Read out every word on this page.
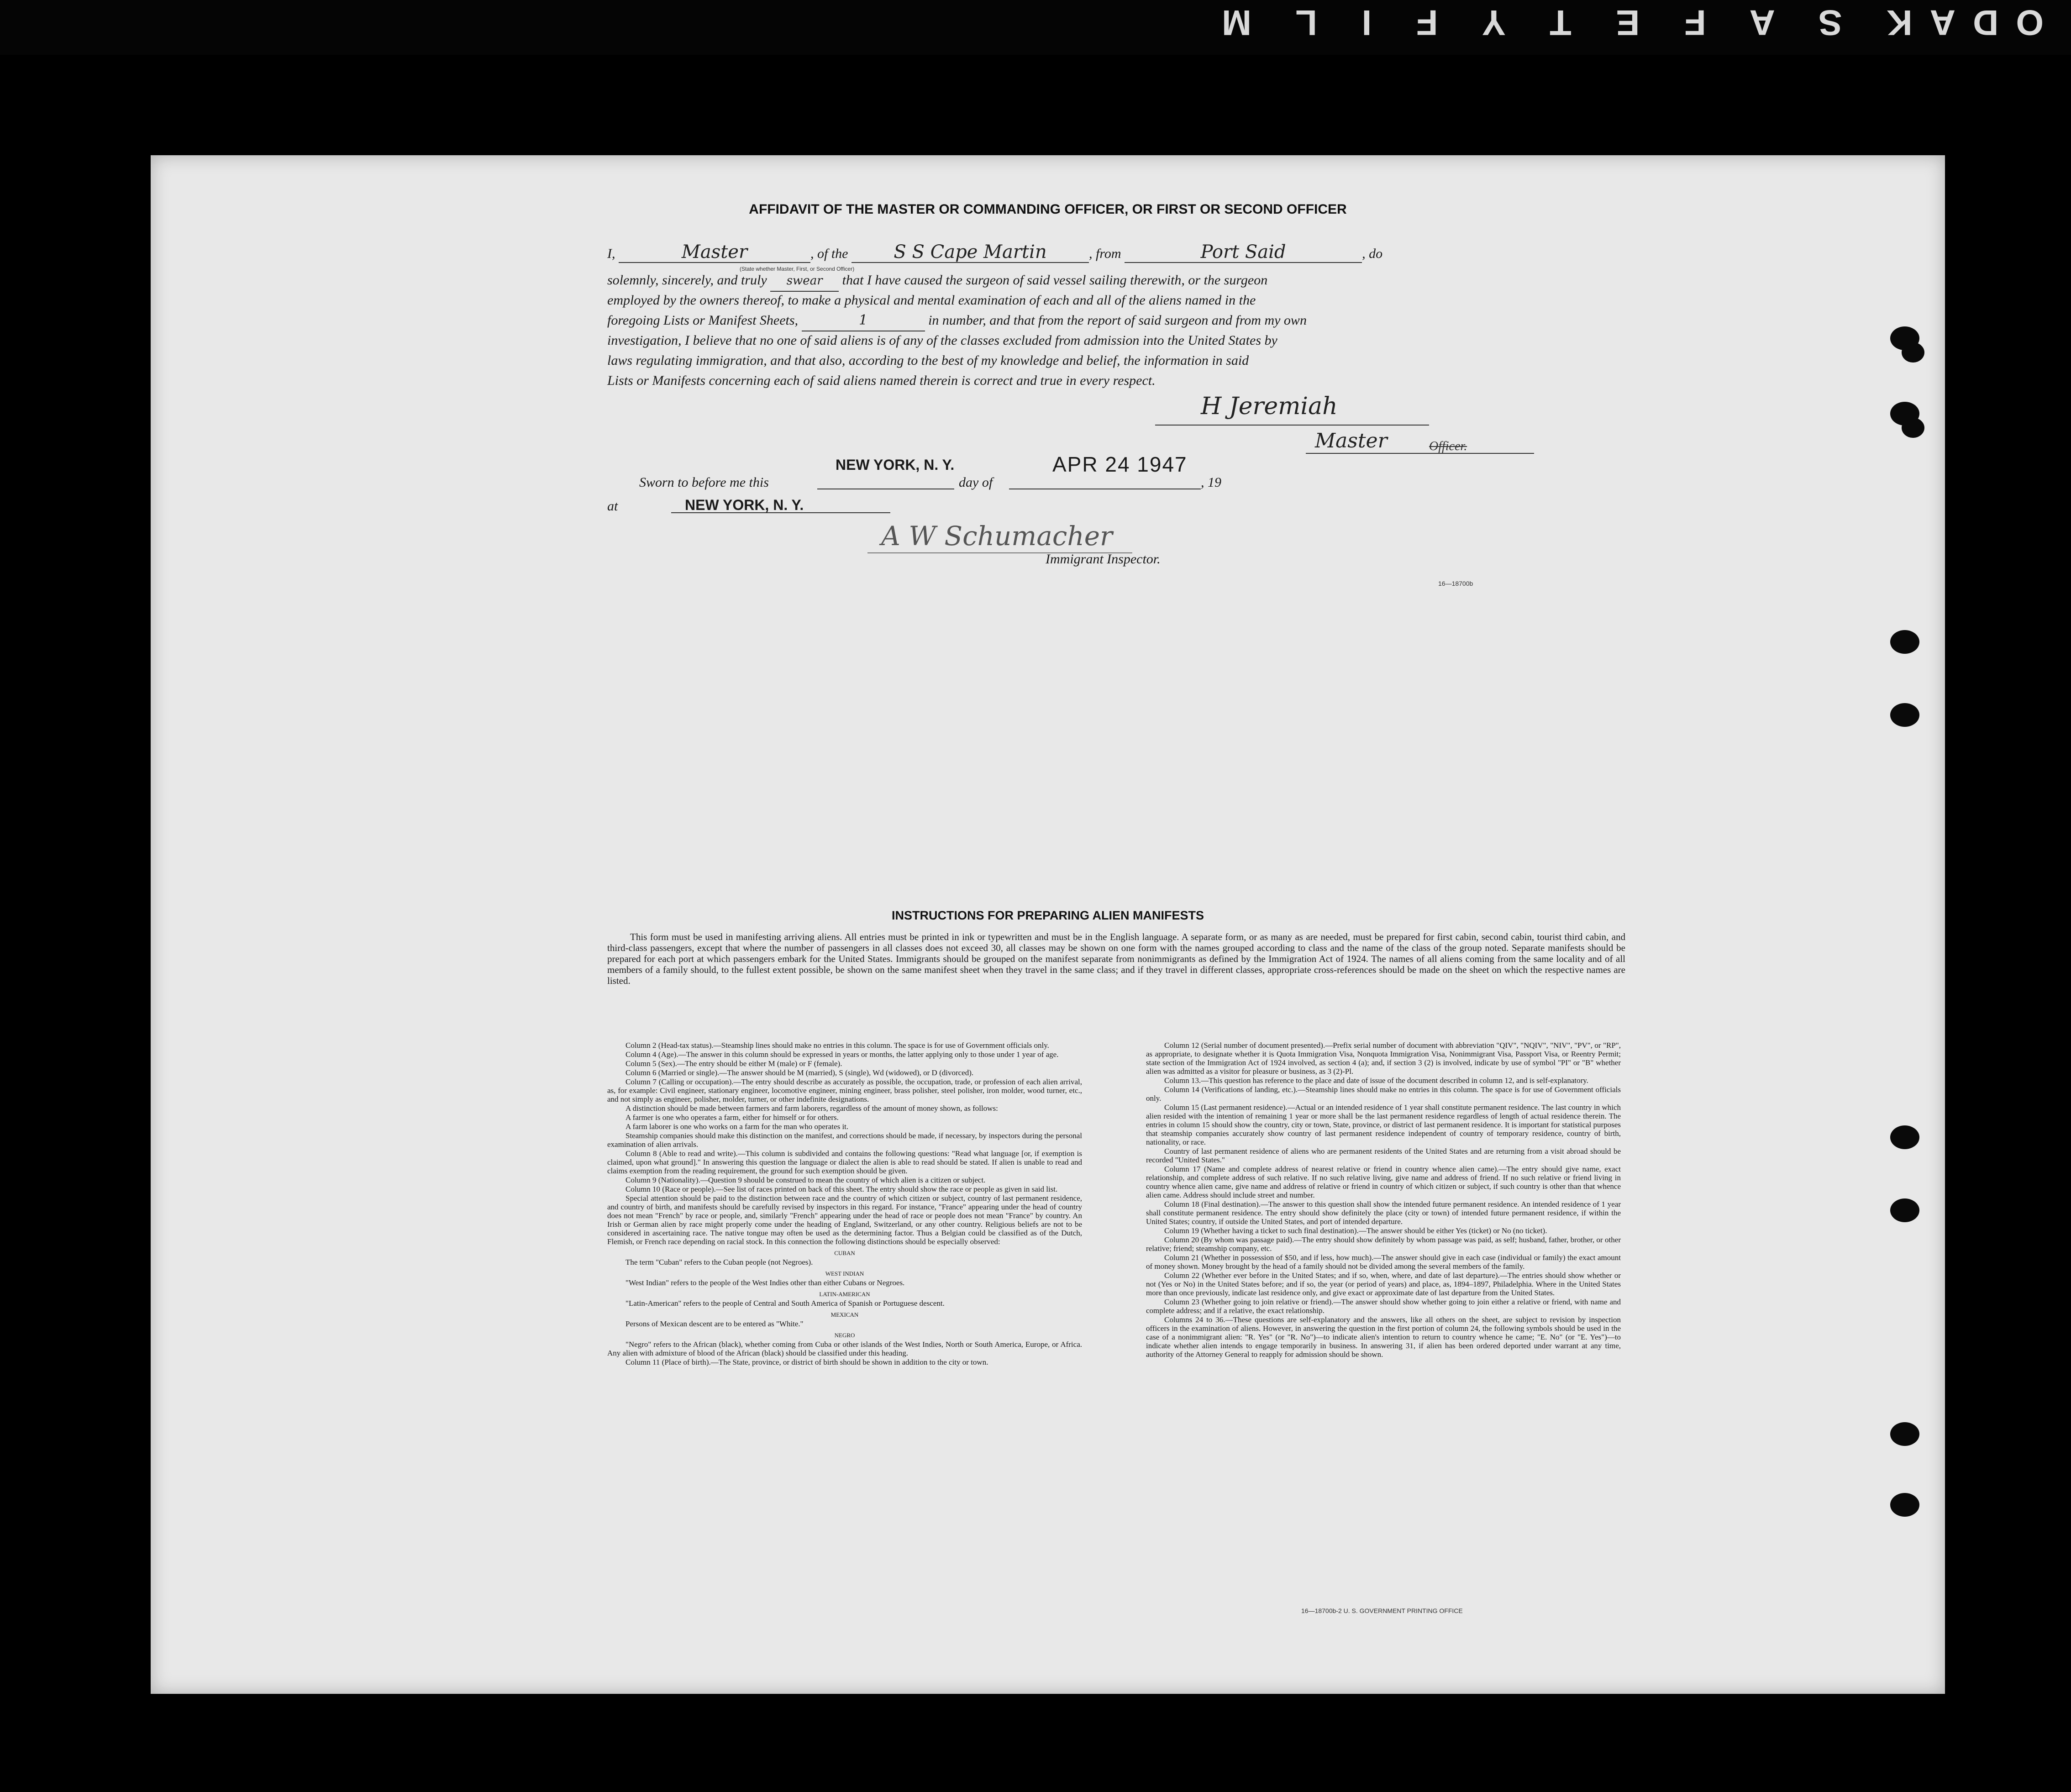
ODAK S A F E T Y F I L M
AFFIDAVIT OF THE MASTER OR COMMANDING OFFICER, OR FIRST OR SECOND OFFICER
I,	Master	, of the S S Cape Martin	, from	Port Said	, do
(State whether Master, First, or Second Officer)
solemnly, sincerely, and truly swear that I have caused the surgeon of said vessel sailing therewith, or the surgeon
employed by the owners thereof, to make a physical and mental examination of each and all of the aliens named in the
foregoing Lists or Manifest Sheets,	1	in number, and that from the report of said surgeon and from my own
investigation, I believe that no one of said aliens is of any of the classes excluded from admission into the United States by
laws regulating immigration, and that also, according to the best of my knowledge and belief, the information in said
Lists or Manifests concerning each of said aliens named therein is correct and true in every respect.
H Jeremiah
Master	Officer.
Sworn to before me this
NEW YORK, N. Y.
day of
APR 24 1947
, 19
at	NEW YORK, N. Y.
A W Schumacher
Immigrant Inspector.
16—18700b
INSTRUCTIONS FOR PREPARING ALIEN MANIFESTS
This form must be used in manifesting arriving aliens. All entries must be printed in ink or typewritten and must be in the English language. A separate form, or as many as are needed, must be prepared for first cabin, second cabin, tourist third cabin, and third-class passengers, except that where the number of passengers in all classes does not exceed 30, all classes may be shown on one form with the names grouped according to class and the name of the class of the group noted. Separate manifests should be prepared for each port at which passengers embark for the United States. Immigrants should be grouped on the manifest separate from nonimmigrants as defined by the Immigration Act of 1924. The names of all aliens coming from the same locality and of all members of a family should, to the fullest extent possible, be shown on the same manifest sheet when they travel in the same class; and if they travel in different classes, appropriate cross-references should be made on the sheet on which the respective names are listed.

Column 2 (Head-tax status).—Steamship lines should make no entries in this column. The space is for use of Government officials only.

Column 4 (Age).—The answer in this column should be expressed in years or months, the latter applying only to those under 1 year of age.

Column 5 (Sex).—The entry should be either M (male) or F (female).

Column 6 (Married or single).—The answer should be M (married), S (single), Wd (widowed), or D (divorced).

Column 7 (Calling or occupation).—The entry should describe as accurately as possible, the occupation, trade, or profession of each alien arrival, as, for example: Civil engineer, stationary engineer, locomotive engineer, mining engineer, brass polisher, steel polisher, iron molder, wood turner, etc., and not simply as engineer, polisher, molder, turner, or other indefinite designations.

A distinction should be made between farmers and farm laborers, regardless of the amount of money shown, as follows:

A farmer is one who operates a farm, either for himself or for others.

A farm laborer is one who works on a farm for the man who operates it.

Steamship companies should make this distinction on the manifest, and corrections should be made, if necessary, by inspectors during the personal examination of alien arrivals.

Column 8 (Able to read and write).—This column is subdivided and contains the following questions: "Read what language [or, if exemption is claimed, upon what ground]." In answering this question the language or dialect the alien is able to read should be stated. If alien is unable to read and claims exemption from the reading requirement, the ground for such exemption should be given.

Column 9 (Nationality).—Question 9 should be construed to mean the country of which alien is a citizen or subject.

Column 10 (Race or people).—See list of races printed on back of this sheet. The entry should show the race or people as given in said list.

Special attention should be paid to the distinction between race and the country of which citizen or subject, country of last permanent residence, and country of birth, and manifests should be carefully revised by inspectors in this regard. For instance, "France" appearing under the head of country does not mean "French" by race or people, and, similarly "French" appearing under the head of race or people does not mean "France" by country. An Irish or German alien by race might properly come under the heading of England, Switzerland, or any other country. Religious beliefs are not to be considered in ascertaining race. The native tongue may often be used as the determining factor. Thus a Belgian could be classified as of the Dutch, Flemish, or French race depending on racial stock. In this connection the following distinctions should be especially observed:

CUBAN

The term "Cuban" refers to the Cuban people (not Negroes).

WEST INDIAN

"West Indian" refers to the people of the West Indies other than either Cubans or Negroes.

LATIN-AMERICAN

"Latin-American" refers to the people of Central and South America of Spanish or Portuguese descent.

MEXICAN

Persons of Mexican descent are to be entered as "White."

NEGRO

"Negro" refers to the African (black), whether coming from Cuba or other islands of the West Indies, North or South America, Europe, or Africa. Any alien with admixture of blood of the African (black) should be classified under this heading.

Column 11 (Place of birth).—The State, province, or district of birth should be shown in addition to the city or town.

Column 12 (Serial number of document presented).—Prefix serial number of document with abbreviation "QIV", "NQIV", "NIV", "PV", or "RP", as appropriate, to designate whether it is Quota Immigration Visa, Nonquota Immigration Visa, Nonimmigrant Visa, Passport Visa, or Reentry Permit; state section of the Immigration Act of 1924 involved, as section 4 (a); and, if section 3 (2) is involved, indicate by use of symbol "PI" or "B" whether alien was admitted as a visitor for pleasure or business, as 3 (2)-Pl.

Column 13.—This question has reference to the place and date of issue of the document described in column 12, and is self-explanatory.

Column 14 (Verifications of landing, etc.).—Steamship lines should make no entries in this column. The space is for use of Government officials only.

Column 15 (Last permanent residence).—Actual or an intended residence of 1 year shall constitute permanent residence. The last country in which alien resided with the intention of remaining 1 year or more shall be the last permanent residence regardless of length of actual residence therein. The entries in column 15 should show the country, city or town, State, province, or district of last permanent residence. It is important for statistical purposes that steamship companies accurately show country of last permanent residence independent of country of temporary residence, country of birth, nationality, or race.

Country of last permanent residence of aliens who are permanent residents of the United States and are returning from a visit abroad should be recorded "United States."

Column 17 (Name and complete address of nearest relative or friend in country whence alien came).—The entry should give name, exact relationship, and complete address of such relative. If no such relative living, give name and address of friend. If no such relative or friend living in country whence alien came, give name and address of relative or friend in country of which citizen or subject, if such country is other than that whence alien came. Address should include street and number.

Column 18 (Final destination).—The answer to this question shall show the intended future permanent residence. An intended residence of 1 year shall constitute permanent residence. The entry should show definitely the place (city or town) of intended future permanent residence, if within the United States; country, if outside the United States, and port of intended departure.

Column 19 (Whether having a ticket to such final destination).—The answer should be either Yes (ticket) or No (no ticket).

Column 20 (By whom was passage paid).—The entry should show definitely by whom passage was paid, as self; husband, father, brother, or other relative; friend; steamship company, etc.

Column 21 (Whether in possession of $50, and if less, how much).—The answer should give in each case (individual or family) the exact amount of money shown. Money brought by the head of a family should not be divided among the several members of the family.

Column 22 (Whether ever before in the United States; and if so, when, where, and date of last departure).—The entries should show whether or not (Yes or No) in the United States before; and if so, the year (or period of years) and place, as, 1894–1897, Philadelphia. Where in the United States more than once previously, indicate last residence only, and give exact or approximate date of last departure from the United States.

Column 23 (Whether going to join relative or friend).—The answer should show whether going to join either a relative or friend, with name and complete address; and if a relative, the exact relationship.

Columns 24 to 36.—These questions are self-explanatory and the answers, like all others on the sheet, are subject to revision by inspection officers in the examination of aliens. However, in answering the question in the first portion of column 24, the following symbols should be used in the case of a nonimmigrant alien: "R. Yes" (or "R. No")—to indicate alien's intention to return to country whence he came; "E. No" (or "E. Yes")—to indicate whether alien intends to engage temporarily in business. In answering 31, if alien has been ordered deported under warrant at any time, authority of the Attorney General to reapply for admission should be shown.

16—18700b-2 U. S. GOVERNMENT PRINTING OFFICE
